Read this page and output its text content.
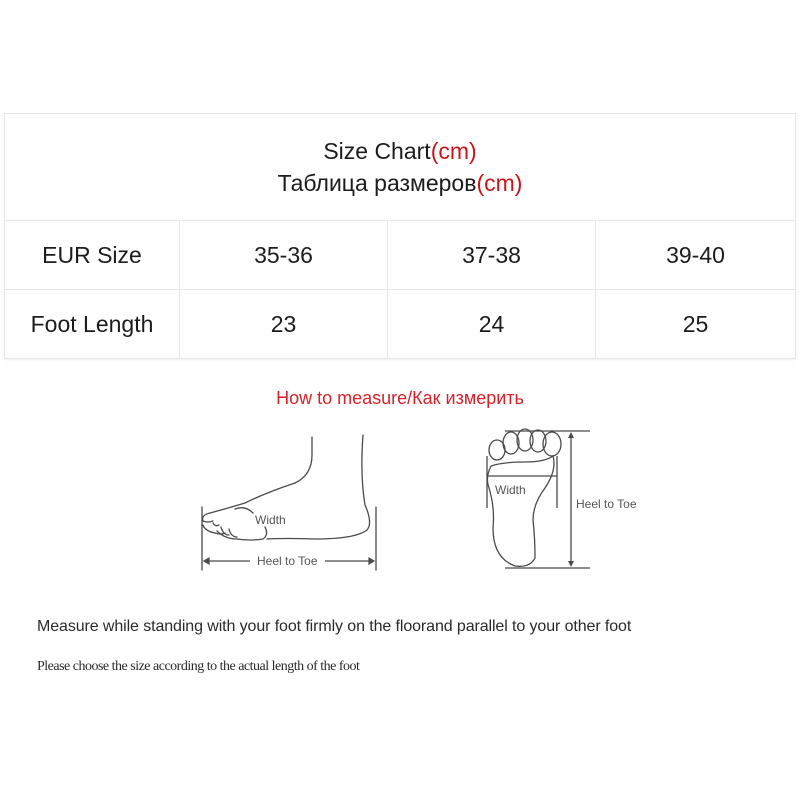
Size Chart(cm)
Таблица размеров(cm)			

EUR Size	35-36	37-38	39-40
Foot Length	23	24	25
How to measure/Как измерить
Width
Heel to Toe
Width
Heel to Toe
Measure while standing with your foot firmly on the floorand parallel to your other foot
Please choose the size according to the actual length of the foot
